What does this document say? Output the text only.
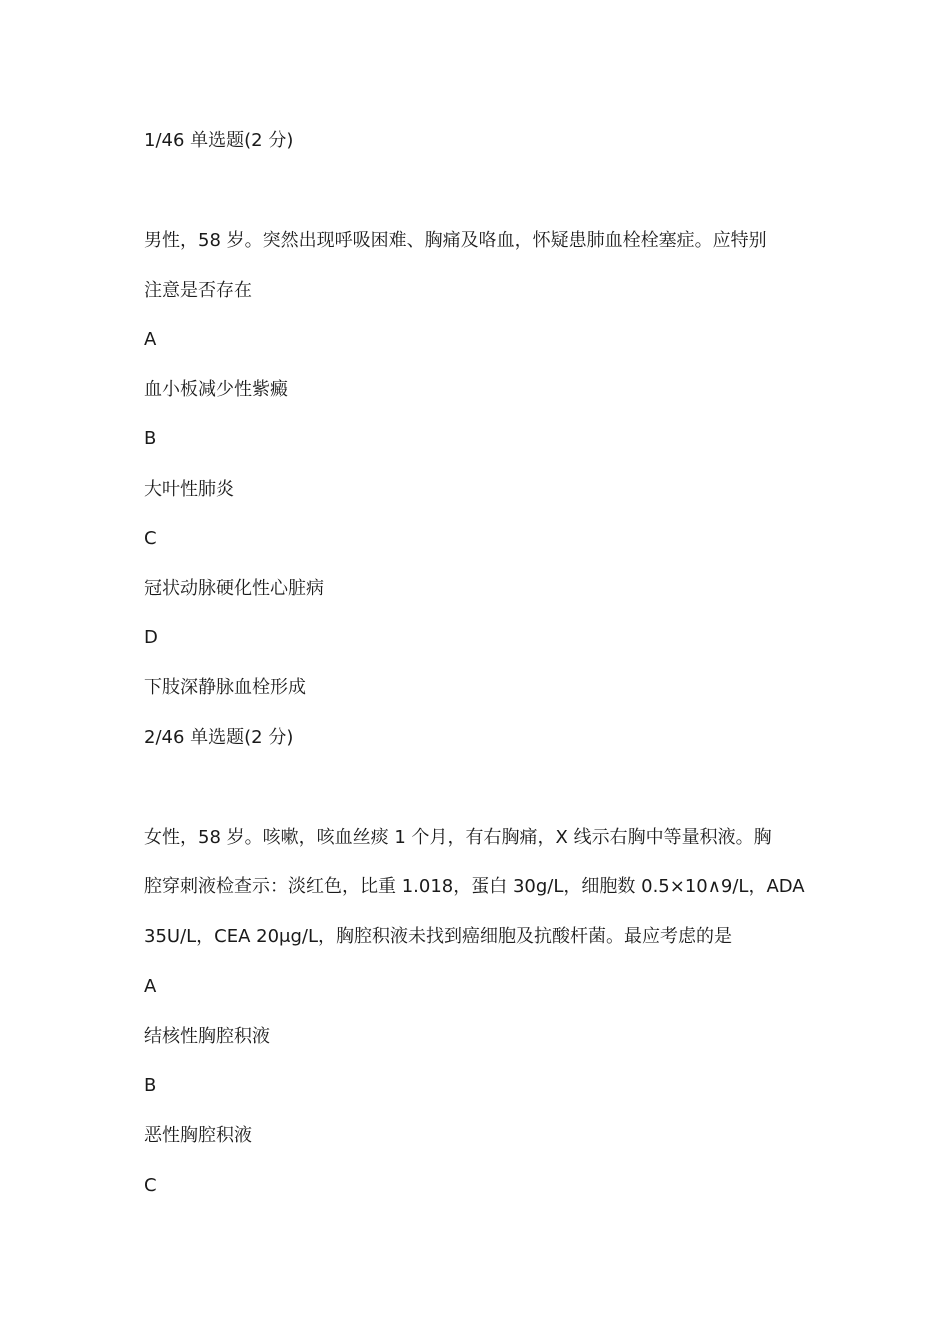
1/46 单选题(2 分)
男性，58 岁。突然出现呼吸困难、胸痛及咯血，怀疑患肺血栓栓塞症。应特别
注意是否存在
A
血小板减少性紫癜
B
大叶性肺炎
C
冠状动脉硬化性心脏病
D
下肢深静脉血栓形成
2/46 单选题(2 分)
女性，58 岁。咳嗽，咳血丝痰 1 个月，有右胸痛，X 线示右胸中等量积液。胸
腔穿刺液检查示：淡红色，比重 1.018，蛋白 30g/L，细胞数 0.5×10∧9/L，ADA
35U/L，CEA 20μg/L，胸腔积液未找到癌细胞及抗酸杆菌。最应考虑的是
A
结核性胸腔积液
B
恶性胸腔积液
C
